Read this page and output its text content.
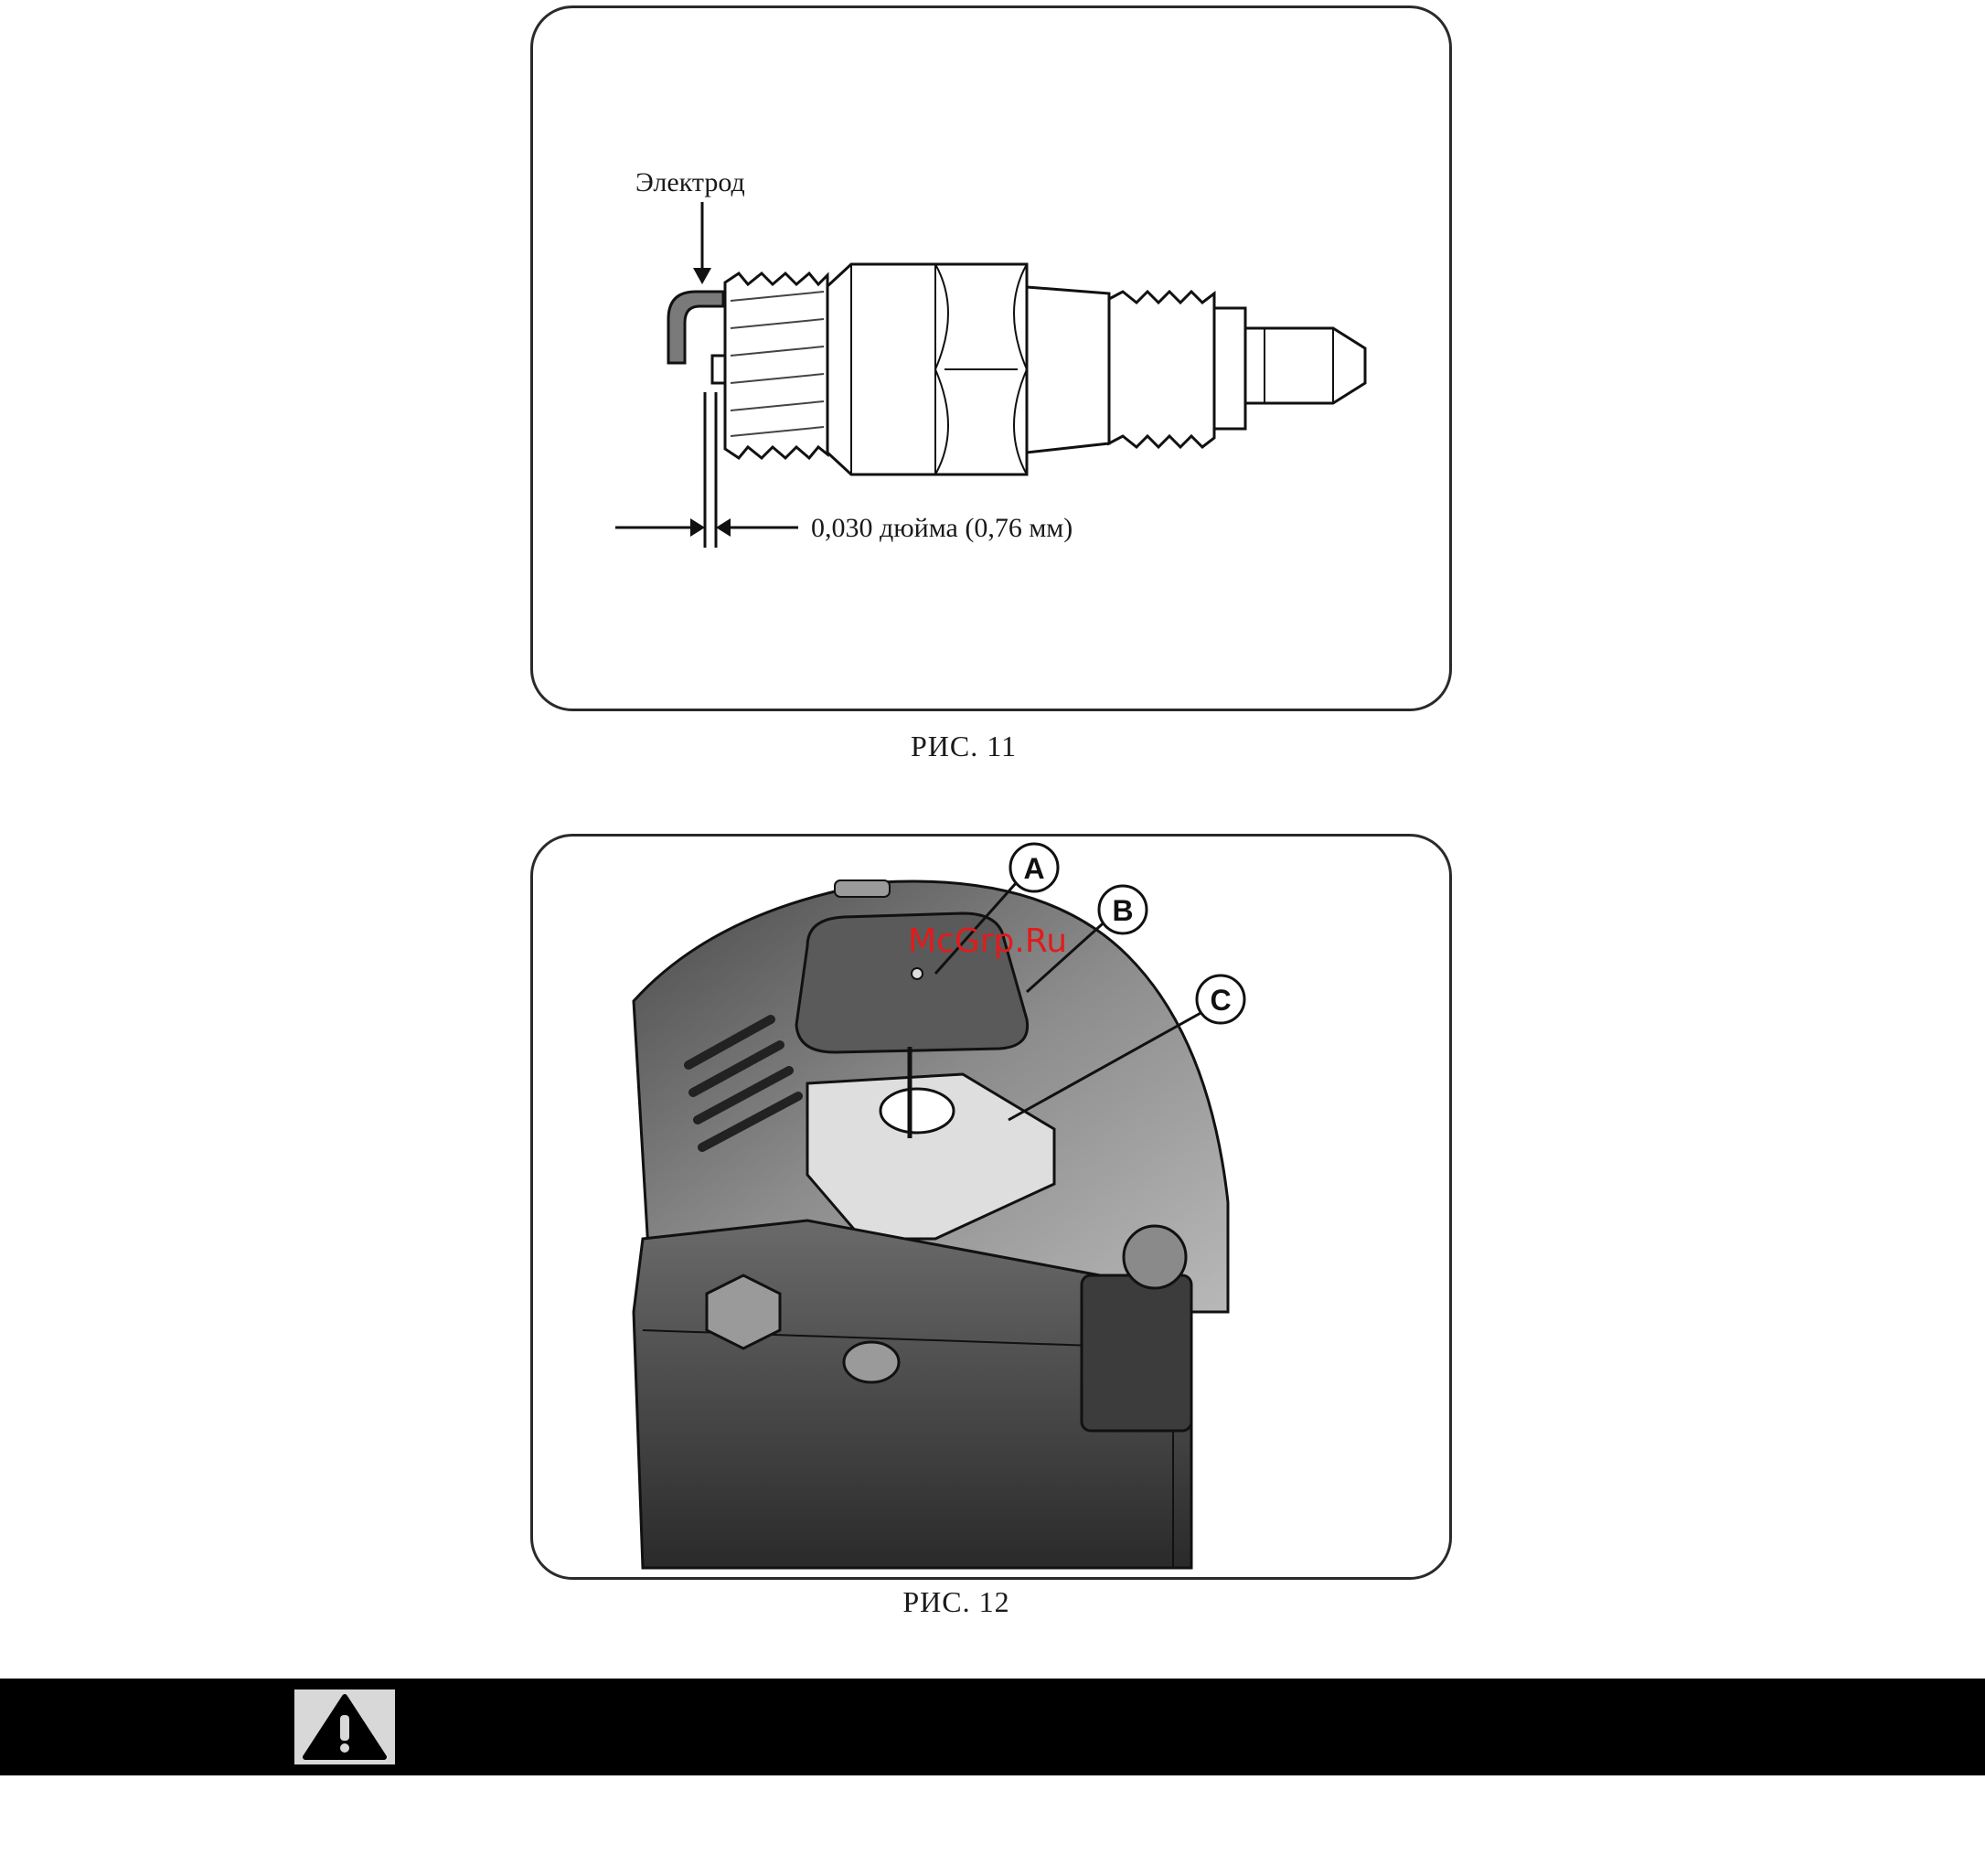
Электрод
0,030 дюйма (0,76 мм)
РИС. 11
A
B
C
McGrp.Ru
РИС. 12
